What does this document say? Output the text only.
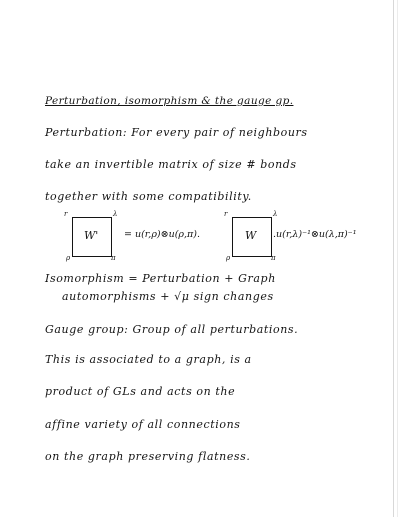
Perturbation, isomorphism & the gauge gp.
Perturbation: For every pair of neighbours
take an invertible matrix of size # bonds
together with some compatibility.
W'
r	λ
ρ	π
= u(r,ρ)⊗u(ρ,π).	W
r	λ
ρ	π
.u(r,λ)⁻¹⊗u(λ,π)⁻¹
Isomorphism = Perturbation + Graph
automorphisms + √μ sign changes
Gauge group: Group of all perturbations.
This is associated to a graph, is a
product of GLs and acts on the
affine variety of all connections
on the graph preserving flatness.
